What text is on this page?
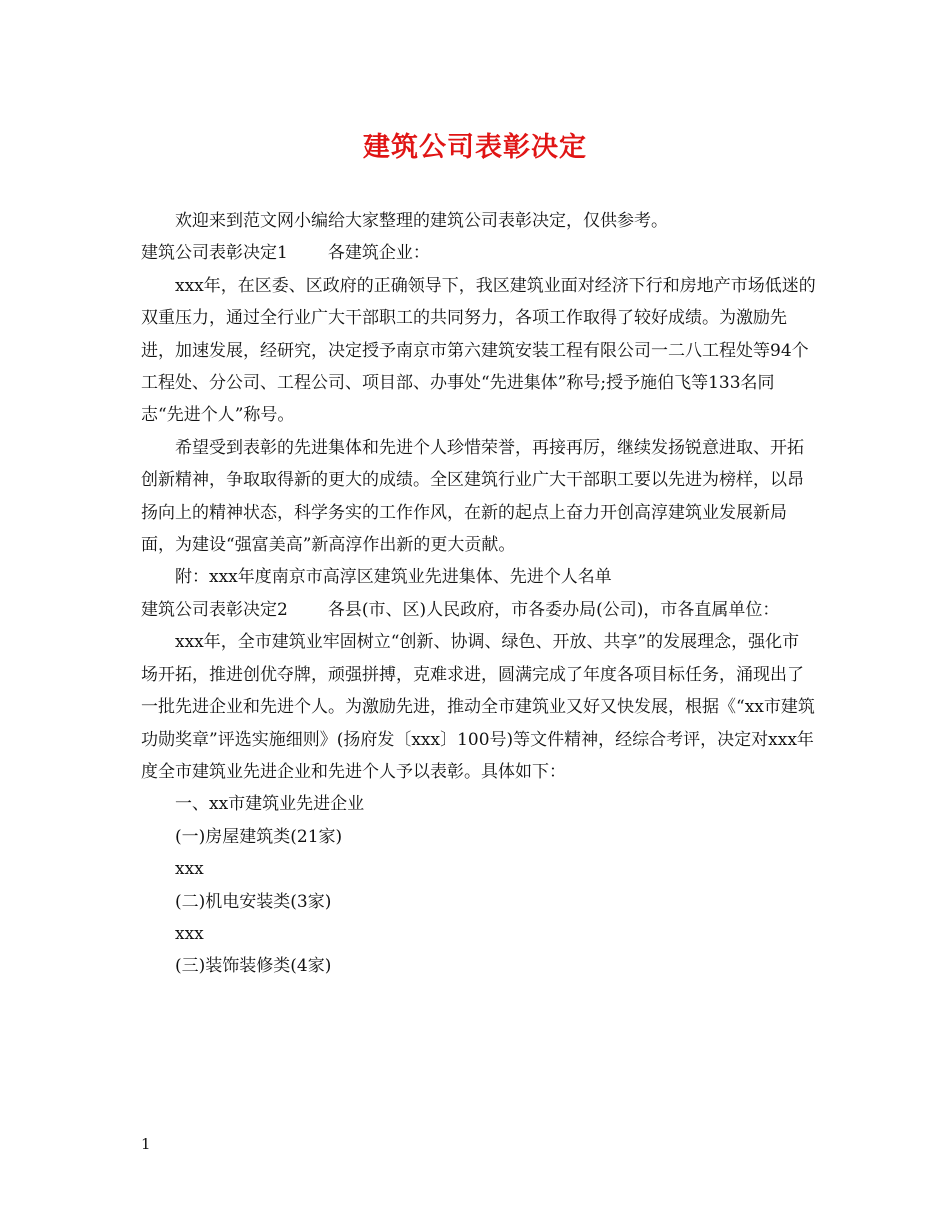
建筑公司表彰决定

欢迎来到范文网小编给大家整理的建筑公司表彰决定，仅供参考。

建筑公司表彰决定1 各建筑企业：

xxx年，在区委、区政府的正确领导下，我区建筑业面对经济下行和房地产市场低迷的双重压力，通过全行业广大干部职工的共同努力，各项工作取得了较好成绩。为激励先进，加速发展，经研究，决定授予南京市第六建筑安装工程有限公司一二八工程处等94个工程处、分公司、工程公司、项目部、办事处“先进集体”称号;授予施伯飞等133名同志“先进个人”称号。

希望受到表彰的先进集体和先进个人珍惜荣誉，再接再厉，继续发扬锐意进取、开拓创新精神，争取取得新的更大的成绩。全区建筑行业广大干部职工要以先进为榜样，以昂扬向上的精神状态，科学务实的工作作风，在新的起点上奋力开创高淳建筑业发展新局面，为建设“强富美高”新高淳作出新的更大贡献。

附：xxx年度南京市高淳区建筑业先进集体、先进个人名单

建筑公司表彰决定2 各县(市、区)人民政府，市各委办局(公司)，市各直属单位：

xxx年，全市建筑业牢固树立“创新、协调、绿色、开放、共享”的发展理念，强化市场开拓，推进创优夺牌，顽强拼搏，克难求进，圆满完成了年度各项目标任务，涌现出了一批先进企业和先进个人。为激励先进，推动全市建筑业又好又快发展，根据《“xx市建筑功勋奖章”评选实施细则》(扬府发〔xxx〕100号)等文件精神，经综合考评，决定对xxx年度全市建筑业先进企业和先进个人予以表彰。具体如下：

一、xx市建筑业先进企业

(一)房屋建筑类(21家)

xxx

(二)机电安装类(3家)

xxx

(三)装饰装修类(4家)

1
